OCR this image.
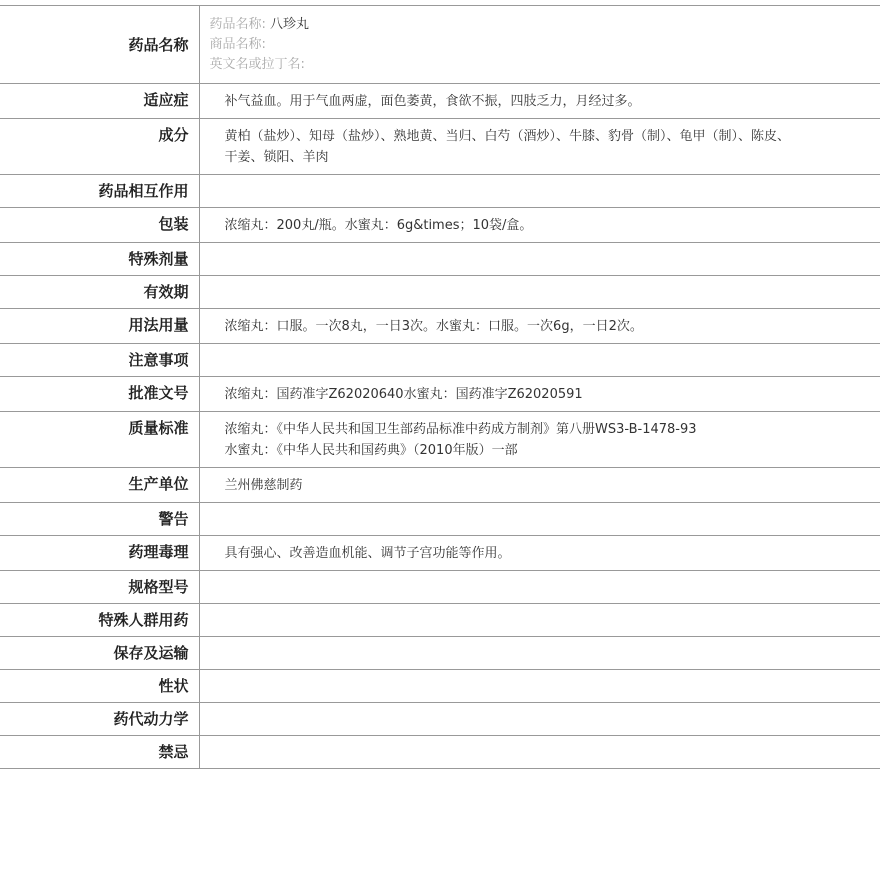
药品名称	药品名称: 八珍丸
商品名称:
英文名或拉丁名:

适应症	补气益血。用于气血两虚，面色萎黄，食欲不振，四肢乏力，月经过多。

成分	黄柏（盐炒）、知母（盐炒）、熟地黄、当归、白芍（酒炒）、牛膝、豹骨（制）、龟甲（制）、陈皮、干姜、锁阳、羊肉

药品相互作用	
包装	浓缩丸：200丸/瓶。水蜜丸：6g&times；10袋/盒。

特殊剂量	
有效期	
用法用量	浓缩丸：口服。一次8丸，一日3次。水蜜丸：口服。一次6g，一日2次。

注意事项	
批准文号	浓缩丸：国药准字Z62020640水蜜丸：国药准字Z62020591

质量标准	浓缩丸：《中华人民共和国卫生部药品标准中药成方制剂》第八册WS3-B-1478-93
水蜜丸：《中华人民共和国药典》（2010年版）一部

生产单位	兰州佛慈制药

警告	
药理毒理	具有强心、改善造血机能、调节子宫功能等作用。

规格型号	
特殊人群用药	
保存及运输	
性状	
药代动力学	
禁忌	
